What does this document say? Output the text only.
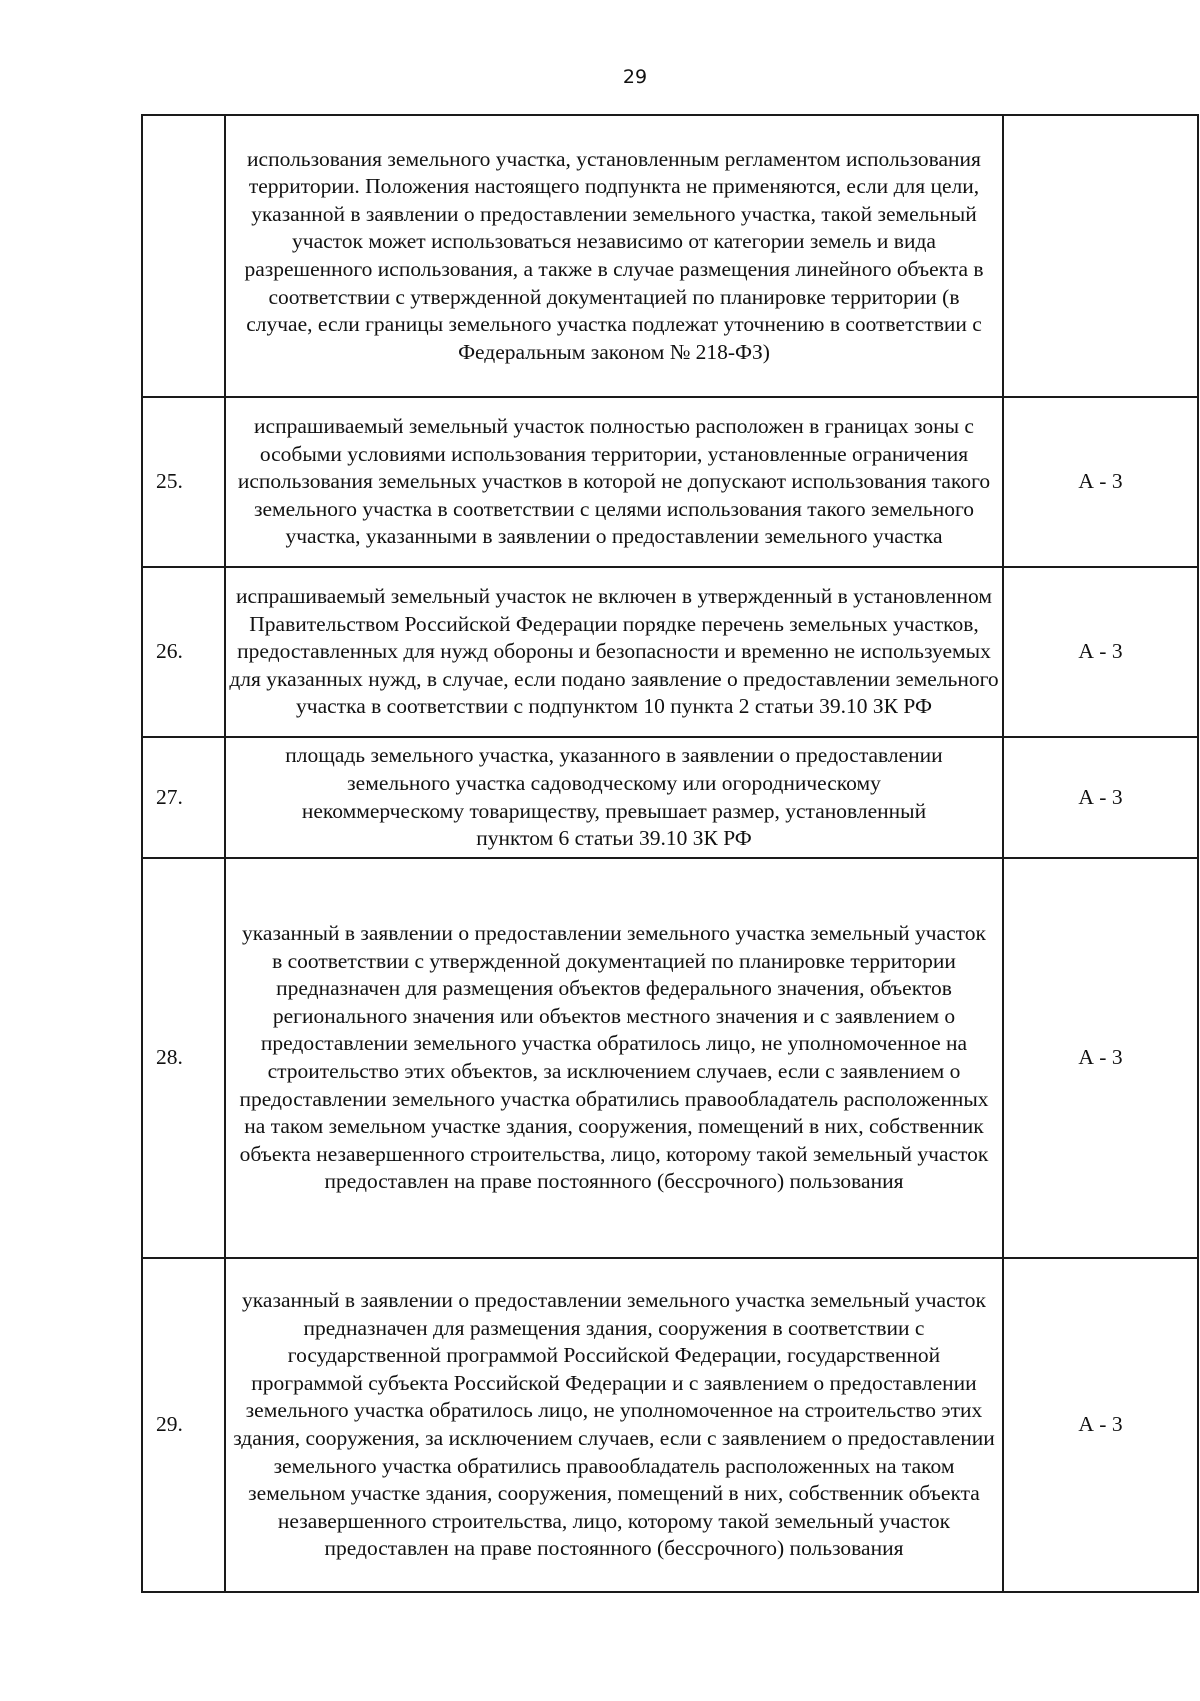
29

	использования земельного участка, установленным регламентом использования территории. Положения настоящего подпункта не применяются, если для цели, указанной в заявлении о предоставлении земельного участка, такой земельный участок может использоваться независимо от категории земель и вида разрешенного использования, а также в случае размещения линейного объекта в соответствии с утвержденной документацией по планировке территории (в случае, если границы земельного участка подлежат уточнению в соответствии с Федеральным законом № 218-ФЗ)	

25.	испрашиваемый земельный участок полностью расположен в границах зоны с особыми условиями использования территории, установленные ограничения использования земельных участков в которой не допускают использования такого земельного участка в соответствии с целями использования такого земельного участка, указанными в заявлении о предоставлении земельного участка	А - 3
26.	испрашиваемый земельный участок не включен в утвержденный в установленном Правительством Российской Федерации порядке перечень земельных участков, предоставленных для нужд обороны и безопасности и временно не используемых для указанных нужд, в случае, если подано заявление о предоставлении земельного участка в соответствии с подпунктом 10 пункта 2 статьи 39.10 ЗК РФ	А - 3
27.	площадь земельного участка, указанного в заявлении о предоставлении земельного участка садоводческому или огородническому некоммерческому товариществу, превышает размер, установленный пунктом 6 статьи 39.10 ЗК РФ	А - 3
28.	указанный в заявлении о предоставлении земельного участка земельный участок в соответствии с утвержденной документацией по планировке территории предназначен для размещения объектов федерального значения, объектов регионального значения или объектов местного значения и с заявлением о предоставлении земельного участка обратилось лицо, не уполномоченное на строительство этих объектов, за исключением случаев, если с заявлением о предоставлении земельного участка обратились правообладатель расположенных на таком земельном участке здания, сооружения, помещений в них, собственник объекта незавершенного строительства, лицо, которому такой земельный участок предоставлен на праве постоянного (бессрочного) пользования	А - 3
29.	указанный в заявлении о предоставлении земельного участка земельный участок предназначен для размещения здания, сооружения в соответствии с государственной программой Российской Федерации, государственной программой субъекта Российской Федерации и с заявлением о предоставлении земельного участка обратилось лицо, не уполномоченное на строительство этих здания, сооружения, за исключением случаев, если с заявлением о предоставлении земельного участка обратились правообладатель расположенных на таком земельном участке здания, сооружения, помещений в них, собственник объекта незавершенного строительства, лицо, которому такой земельный участок предоставлен на праве постоянного (бессрочного) пользования	А - 3
